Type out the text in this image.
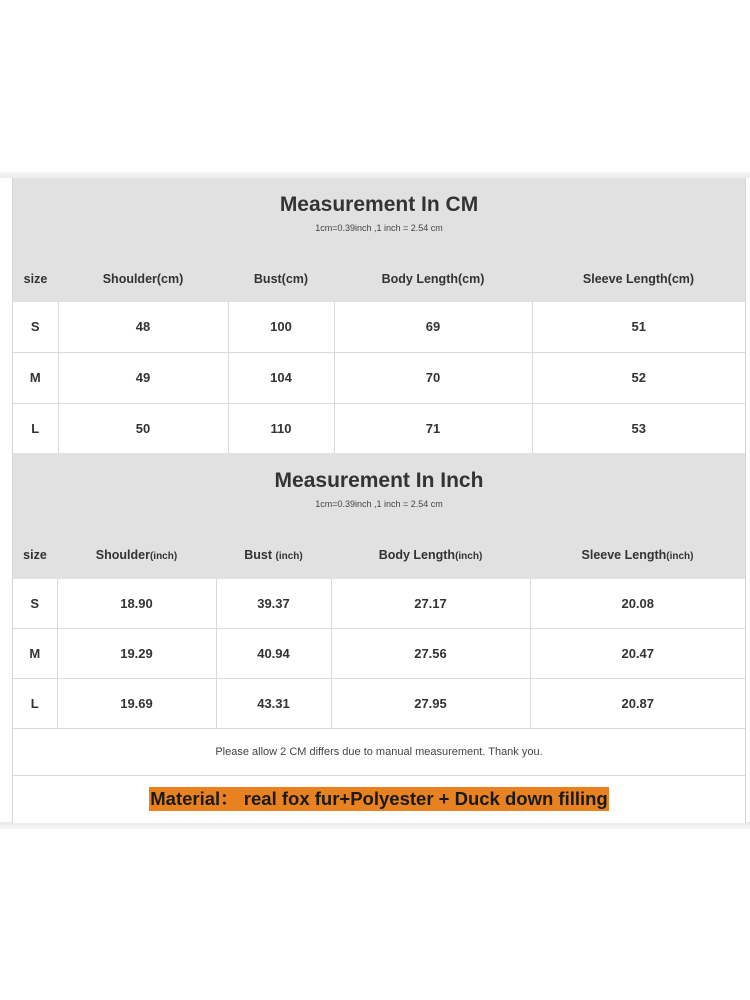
Measurement In CM
1cm=0.39inch ,1 inch = 2.54 cm
size	Shoulder(cm)	Bust(cm)	Body Length(cm)	Sleeve Length(cm)
S	48	100	69	51
M	49	104	70	52
L	50	110	71	53
Measurement In Inch
1cm=0.39inch ,1 inch = 2.54 cm
size	Shoulder(inch)	Bust (inch)	Body Length(inch)	Sleeve Length(inch)
S	18.90	39.37	27.17	20.08
M	19.29	40.94	27.56	20.47
L	19.69	43.31	27.95	20.87
Please allow 2 CM differs due to manual measurement. Thank you.
Material： real fox fur+Polyester + Duck down filling
